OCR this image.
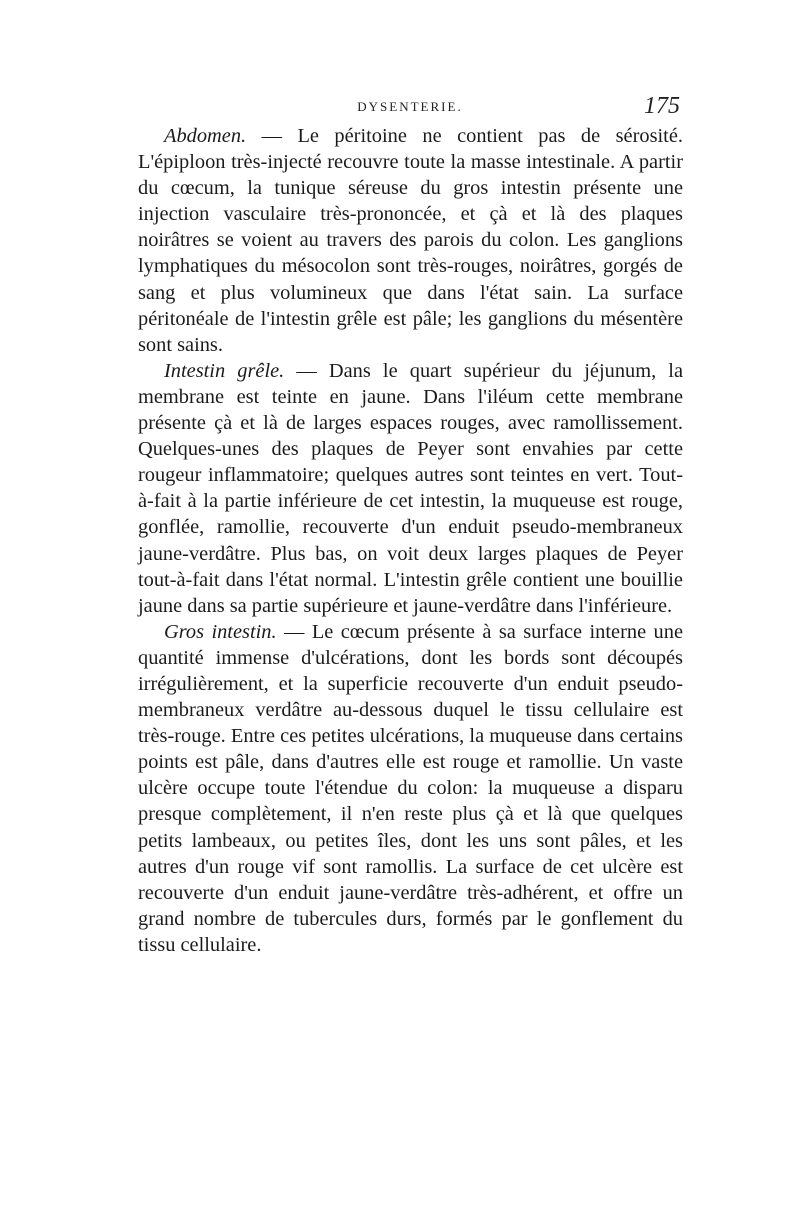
DYSENTERIE.	175

Abdomen. — Le péritoine ne contient pas de sérosité. L'épiploon très-injecté recouvre toute la masse intestinale. A partir du cœcum, la tunique séreuse du gros intestin présente une injection vasculaire très-prononcée, et çà et là des plaques noirâtres se voient au travers des parois du colon. Les ganglions lymphatiques du mésocolon sont très-rouges, noirâtres, gorgés de sang et plus volumineux que dans l'état sain. La surface péritonéale de l'intestin grêle est pâle; les ganglions du mésentère sont sains.

Intestin grêle. — Dans le quart supérieur du jéjunum, la membrane est teinte en jaune. Dans l'iléum cette membrane présente çà et là de larges espaces rouges, avec ramollissement. Quelques-unes des plaques de Peyer sont envahies par cette rougeur inflammatoire; quelques autres sont teintes en vert. Tout-à-fait à la partie inférieure de cet intestin, la muqueuse est rouge, gonflée, ramollie, recouverte d'un enduit pseudo-membraneux jaune-verdâtre. Plus bas, on voit deux larges plaques de Peyer tout-à-fait dans l'état normal. L'intestin grêle contient une bouillie jaune dans sa partie supérieure et jaune-verdâtre dans l'inférieure.

Gros intestin. — Le cœcum présente à sa surface interne une quantité immense d'ulcérations, dont les bords sont découpés irrégulièrement, et la superficie recouverte d'un enduit pseudo-membraneux verdâtre au-dessous duquel le tissu cellulaire est très-rouge. Entre ces petites ulcérations, la muqueuse dans certains points est pâle, dans d'autres elle est rouge et ramollie. Un vaste ulcère occupe toute l'étendue du colon: la muqueuse a disparu presque complètement, il n'en reste plus çà et là que quelques petits lambeaux, ou petites îles, dont les uns sont pâles, et les autres d'un rouge vif sont ramollis. La surface de cet ulcère est recouverte d'un enduit jaune-verdâtre très-adhérent, et offre un grand nombre de tubercules durs, formés par le gonflement du tissu cellulaire.
